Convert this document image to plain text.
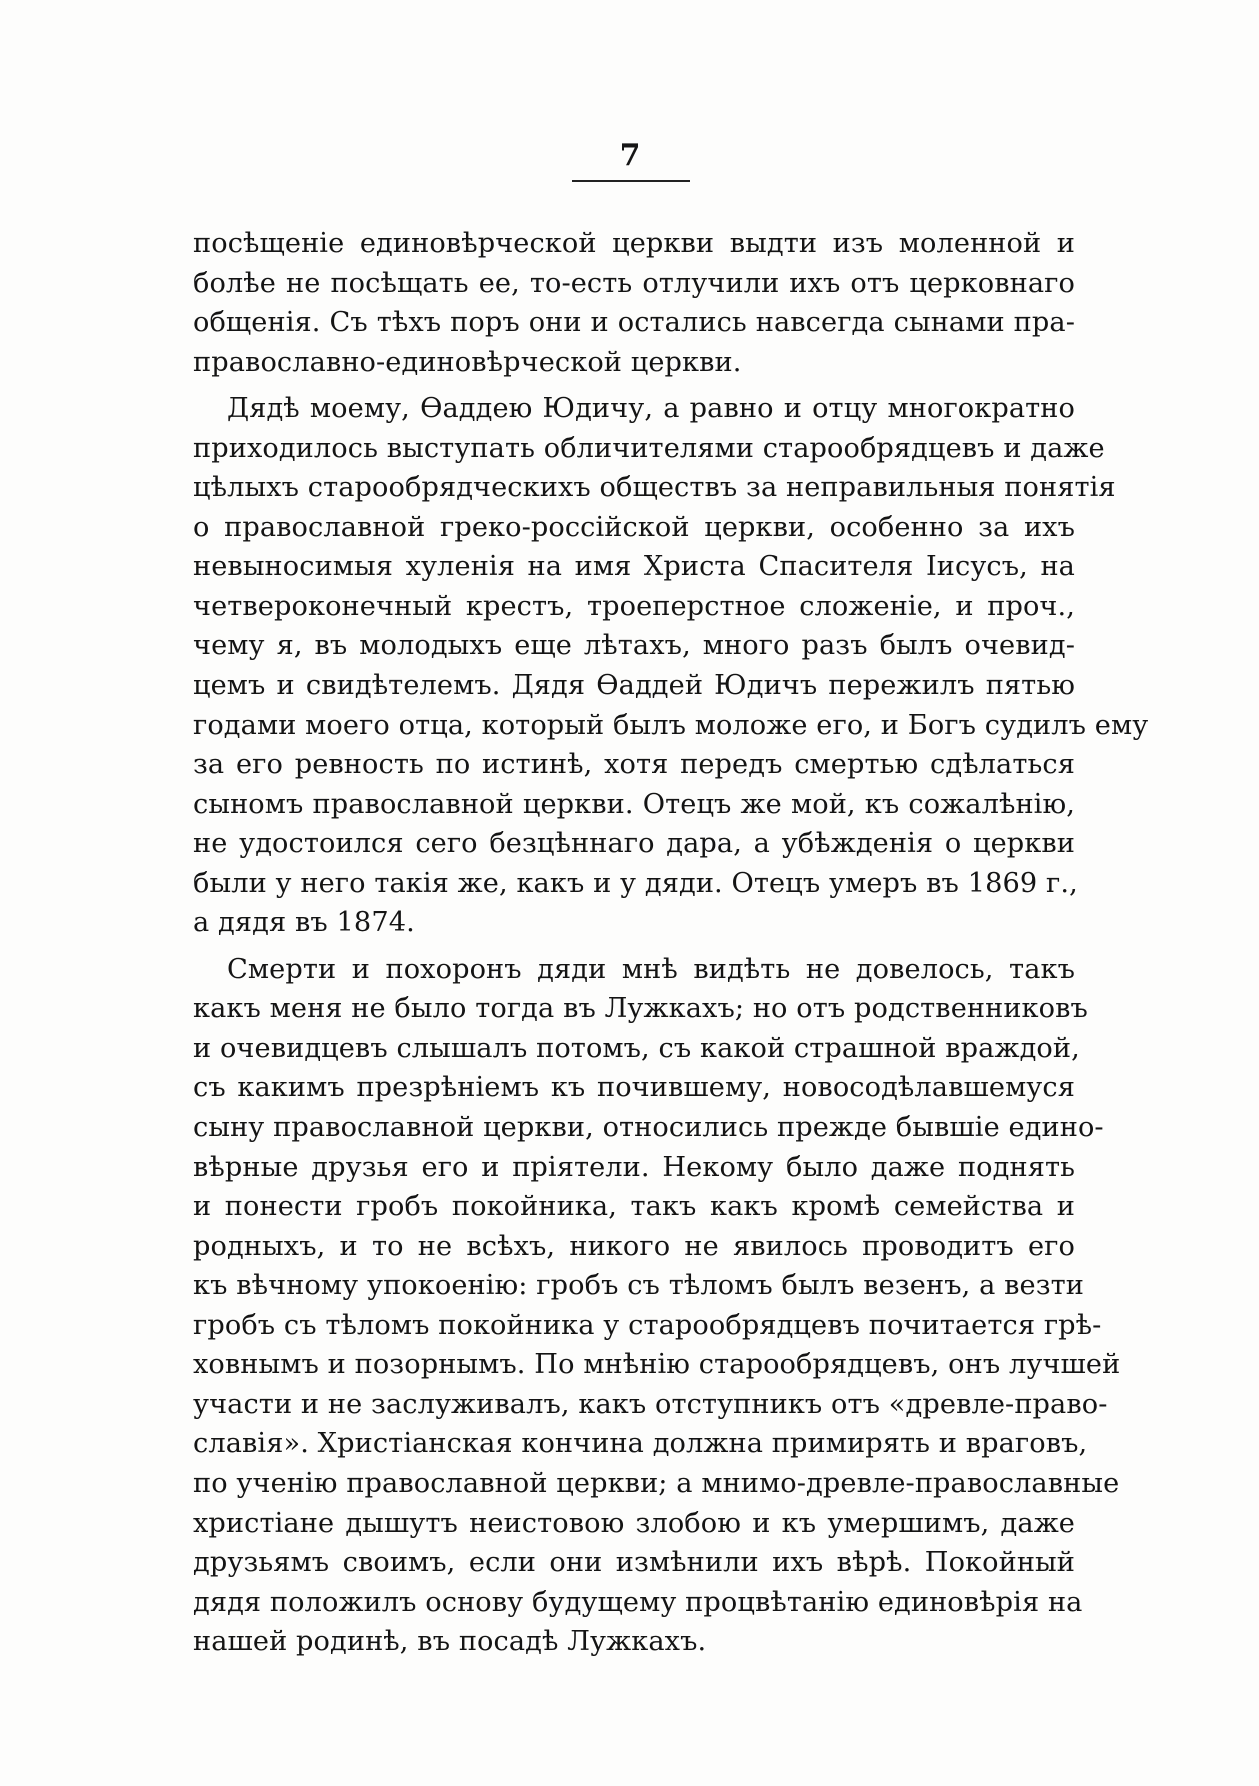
7
посѣщеніе единовѣрческой церкви выдти изъ моленной и
болѣе не посѣщать ее, то-есть отлучили ихъ отъ церковнаго
общенія. Съ тѣхъ поръ они и остались навсегда сынами пра-
православно-единовѣрческой церкви.
Дядѣ моему, Ѳаддею Юдичу, а равно и отцу многократно
приходилось выступать обличителями старообрядцевъ и даже
цѣлыхъ старообрядческихъ обществъ за неправильныя понятія
о православной греко-россійской церкви, особенно за ихъ
невыносимыя хуленія на имя Христа Спасителя Іисусъ, на
четвероконечный крестъ, троеперстное сложеніе, и проч.,
чему я, въ молодыхъ еще лѣтахъ, много разъ былъ очевид-
цемъ и свидѣтелемъ. Дядя Ѳаддей Юдичъ пережилъ пятью
годами моего отца, который былъ моложе его, и Богъ судилъ ему
за его ревность по истинѣ, хотя передъ смертью сдѣлаться
сыномъ православной церкви. Отецъ же мой, къ сожалѣнію,
не удостоился сего безцѣннаго дара, а убѣжденія о церкви
были у него такія же, какъ и у дяди. Отецъ умеръ въ 1869 г.,
а дядя въ 1874.
Смерти и похоронъ дяди мнѣ видѣть не довелось, такъ
какъ меня не было тогда въ Лужкахъ; но отъ родственниковъ
и очевидцевъ слышалъ потомъ, съ какой страшной враждой,
съ какимъ презрѣніемъ къ почившему, новосодѣлавшемуся
сыну православной церкви, относились прежде бывшіе едино-
вѣрные друзья его и пріятели. Некому было даже поднять
и понести гробъ покойника, такъ какъ кромѣ семейства и
родныхъ, и то не всѣхъ, никого не явилось проводитъ его
къ вѣчному упокоенію: гробъ съ тѣломъ былъ везенъ, а везти
гробъ съ тѣломъ покойника у старообрядцевъ почитается грѣ-
ховнымъ и позорнымъ. По мнѣнію старообрядцевъ, онъ лучшей
участи и не заслуживалъ, какъ отступникъ отъ «древле-право-
славія». Христіанская кончина должна примирять и враговъ,
по ученію православной церкви; а мнимо-древле-православные
христіане дышутъ неистовою злобою и къ умершимъ, даже
друзьямъ своимъ, если они измѣнили ихъ вѣрѣ. Покойный
дядя положилъ основу будущему процвѣтанію единовѣрія на
нашей родинѣ, въ посадѣ Лужкахъ.
